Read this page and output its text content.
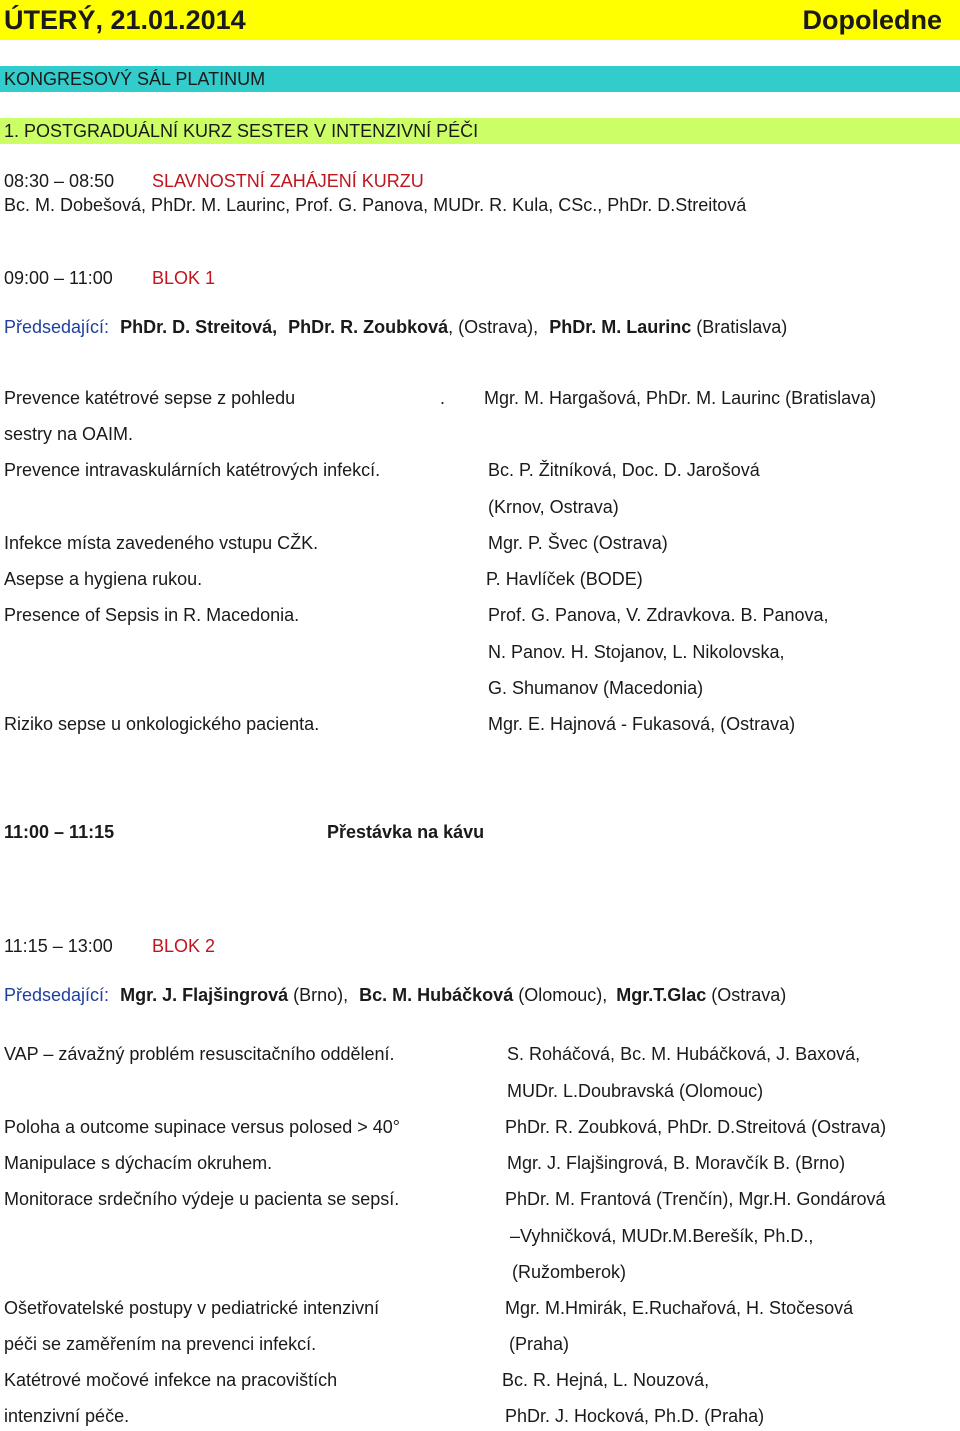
ÚTERÝ, 21.01.2014	Dopoledne
KONGRESOVÝ SÁL PLATINUM
1. POSTGRADUÁLNÍ KURZ SESTER V INTENZIVNÍ PÉČI
08:30 – 08:50 SLAVNOSTNÍ ZAHÁJENÍ KURZU
Bc. M. Dobešová, PhDr. M. Laurinc, Prof. G. Panova, MUDr. R. Kula, CSc., PhDr. D.Streitová
09:00 – 11:00 BLOK 1
Předsedající: PhDr. D. Streitová, PhDr. R. Zoubková, (Ostrava), PhDr. M. Laurinc (Bratislava)
Prevence katétrové sepse z pohledu	. Mgr. M. Hargašová, PhDr. M. Laurinc (Bratislava)
sestry na OAIM.
Prevence intravaskulárních katétrových infekcí.	Bc. P. Žitníková, Doc. D. Jarošová
(Krnov, Ostrava)
Infekce místa zavedeného vstupu CŽK.	Mgr. P. Švec (Ostrava)
Asepse a hygiena rukou.	P. Havlíček (BODE)
Presence of Sepsis in R. Macedonia.	Prof. G. Panova, V. Zdravkova. B. Panova,
N. Panov. H. Stojanov, L. Nikolovska,
G. Shumanov (Macedonia)
Riziko sepse u onkologického pacienta.	Mgr. E. Hajnová - Fukasová, (Ostrava)
11:00 – 11:15	Přestávka na kávu
11:15 – 13:00 BLOK 2
Předsedající: Mgr. J. Flajšingrová (Brno), Bc. M. Hubáčková (Olomouc), Mgr.T.Glac (Ostrava)
VAP – závažný problém resuscitačního oddělení.	S. Roháčová, Bc. M. Hubáčková, J. Baxová,
MUDr. L.Doubravská (Olomouc)
Poloha a outcome supinace versus polosed > 40°	PhDr. R. Zoubková, PhDr. D.Streitová (Ostrava)
Manipulace s dýchacím okruhem.	Mgr. J. Flajšingrová, B. Moravčík B. (Brno)
Monitorace srdečního výdeje u pacienta se sepsí.	PhDr. M. Frantová (Trenčín), Mgr.H. Gondárová
–Vyhničková, MUDr.M.Berešík, Ph.D.,
(Ružomberok)
Ošetřovatelské postupy v pediatrické intenzivní	Mgr. M.Hmirák, E.Ruchařová, H. Stočesová
péči se zaměřením na prevenci infekcí.	(Praha)
Katétrové močové infekce na pracovištích	Bc. R. Hejná, L. Nouzová,
intenzivní péče.	PhDr. J. Hocková, Ph.D. (Praha)
